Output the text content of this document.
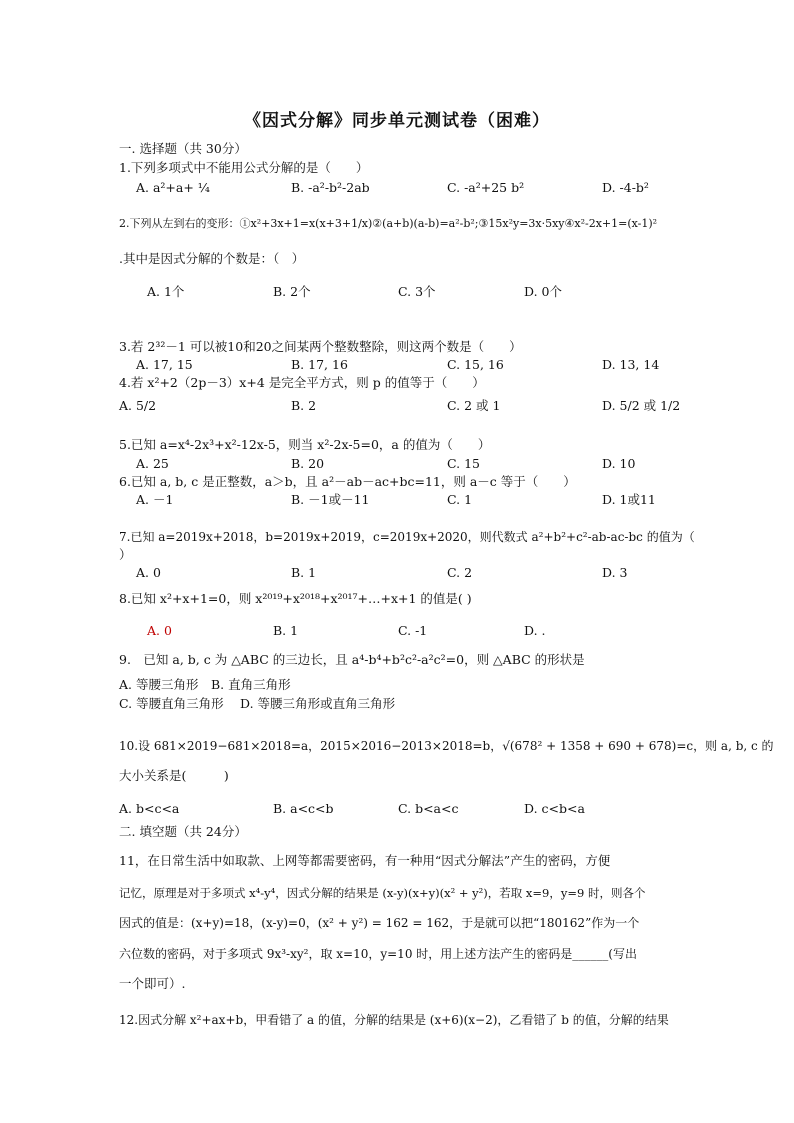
《因式分解》同步单元测试卷（困难）
一. 选择题（共 30分）
1.下列多项式中不能用公式分解的是（　　）
A. a²+a+ ¼	B. -a²-b²-2ab	C. -a²+25 b²	D. -4-b²
2.下列从左到右的变形：①x²+3x+1=x(x+3+1/x)②(a+b)(a-b)=a²-b²;③15x²y=3x·5xy④x²-2x+1=(x-1)²
.其中是因式分解的个数是：（　）
A. 1个	B. 2个	C. 3个	D. 0个
3.若 2³²－1 可以被10和20之间某两个整数整除，则这两个数是（　　）
A. 17, 15	B. 17, 16	C. 15, 16	D. 13, 14
4.若 x²+2（2p－3）x+4 是完全平方式，则 p 的值等于（　　）
A. 5/2	B. 2	C. 2 或 1	D. 5/2 或 1/2
5.已知 a=x⁴-2x³+x²-12x-5，则当 x²-2x-5=0，a 的值为（　　）
A. 25	B. 20	C. 15	D. 10
6.已知 a, b, c 是正整数，a＞b，且 a²－ab－ac+bc=11，则 a－c 等于（　　）
A. －1	B. －1或－11	C. 1	D. 1或11
7.已知 a=2019x+2018，b=2019x+2019，c=2019x+2020，则代数式 a²+b²+c²-ab-ac-bc 的值为（
）
A. 0	B. 1	C. 2	D. 3
8.已知 x²+x+1=0，则 x²⁰¹⁹+x²⁰¹⁸+x²⁰¹⁷+…+x+1 的值是( )
A. 0	B. 1	C. -1	D. .
9.　已知 a, b, c 为 △ABC 的三边长，且 a⁴-b⁴+b²c²-a²c²=0，则 △ABC 的形状是
A. 等腰三角形　B. 直角三角形
C. 等腰直角三角形　 D. 等腰三角形或直角三角形
10.设 681×2019−681×2018=a，2015×2016−2013×2018=b，√(678² + 1358 + 690 + 678)=c，则 a, b, c 的
大小关系是(　　　)
A. b<c<a	B. a<c<b	C. b<a<c	D. c<b<a
二. 填空题（共 24分）
11，在日常生活中如取款、上网等都需要密码，有一种用“因式分解法”产生的密码，方便
记忆，原理是对于多项式 x⁴-y⁴，因式分解的结果是 (x-y)(x+y)(x² + y²)，若取 x=9，y=9 时，则各个
因式的值是：(x+y)=18，(x-y)=0，(x² + y²) = 162 = 162，于是就可以把“180162”作为一个
六位数的密码，对于多项式 9x³-xy²，取 x=10，y=10 时，用上述方法产生的密码是______(写出
一个即可）.
12.因式分解 x²+ax+b，甲看错了 a 的值，分解的结果是 (x+6)(x−2)，乙看错了 b 的值，分解的结果
